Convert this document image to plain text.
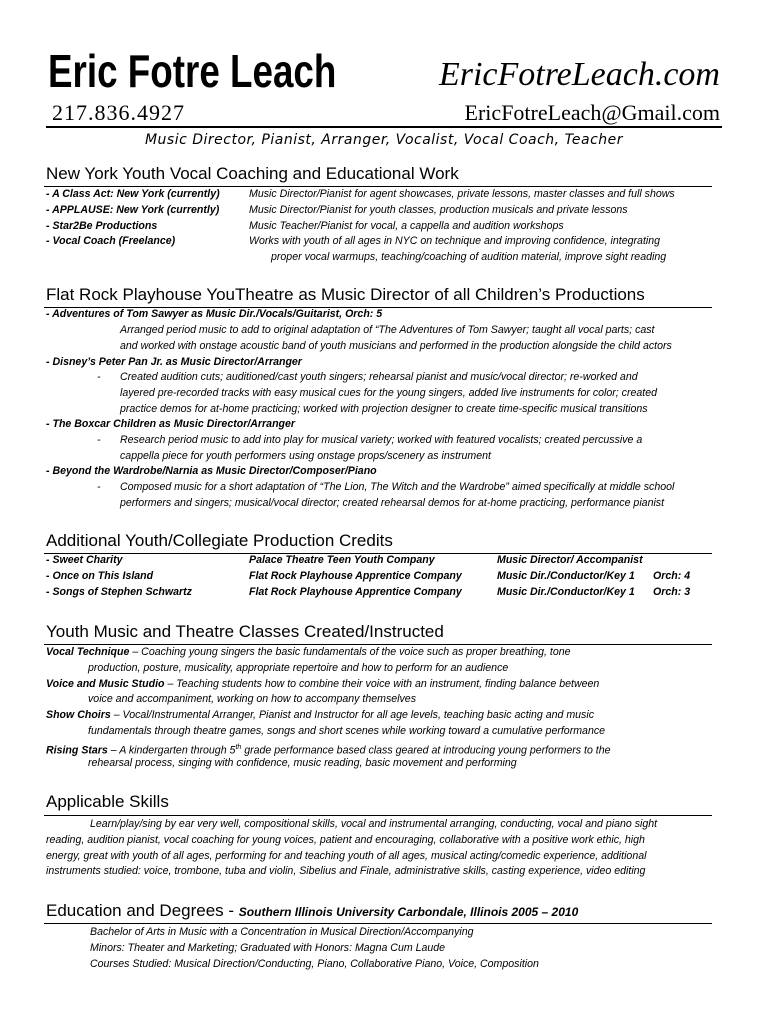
Eric Fotre Leach	EricFotreLeach.com
217.836.4927	EricFotreLeach@Gmail.com
Music Director, Pianist, Arranger, Vocalist, Vocal Coach, Teacher
New York Youth Vocal Coaching and Educational Work
- A Class Act: New York (currently)	Music Director/Pianist for agent showcases, private lessons, master classes and full shows
- APPLAUSE: New York (currently)	Music Director/Pianist for youth classes, production musicals and private lessons
- Star2Be Productions	Music Teacher/Pianist for vocal, a cappella and audition workshops
- Vocal Coach (Freelance)	Works with youth of all ages in NYC on technique and improving confidence, integrating
proper vocal warmups, teaching/coaching of audition material, improve sight reading
Flat Rock Playhouse YouTheatre as Music Director of all Children’s Productions
- Adventures of Tom Sawyer as Music Dir./Vocals/Guitarist, Orch: 5
Arranged period music to add to original adaptation of “The Adventures of Tom Sawyer; taught all vocal parts; cast
and worked with onstage acoustic band of youth musicians and performed in the production alongside the child actors
- Disney’s Peter Pan Jr. as Music Director/Arranger
- Created audition cuts; auditioned/cast youth singers; rehearsal pianist and music/vocal director; re-worked and
layered pre-recorded tracks with easy musical cues for the young singers, added live instruments for color; created
practice demos for at-home practicing; worked with projection designer to create time-specific musical transitions
- The Boxcar Children as Music Director/Arranger
- Research period music to add into play for musical variety; worked with featured vocalists; created percussive a
cappella piece for youth performers using onstage props/scenery as instrument
- Beyond the Wardrobe/Narnia as Music Director/Composer/Piano
- Composed music for a short adaptation of “The Lion, The Witch and the Wardrobe” aimed specifically at middle school
performers and singers; musical/vocal director; created rehearsal demos for at-home practicing, performance pianist
Additional Youth/Collegiate Production Credits
- Sweet Charity	Palace Theatre Teen Youth Company	Music Director/ Accompanist
- Once on This Island	Flat Rock Playhouse Apprentice Company	Music Dir./Conductor/Key 1 Orch: 4
- Songs of Stephen Schwartz	Flat Rock Playhouse Apprentice Company	Music Dir./Conductor/Key 1 Orch: 3
Youth Music and Theatre Classes Created/Instructed
Vocal Technique – Coaching young singers the basic fundamentals of the voice such as proper breathing, tone
production, posture, musicality, appropriate repertoire and how to perform for an audience
Voice and Music Studio – Teaching students how to combine their voice with an instrument, finding balance between
voice and accompaniment, working on how to accompany themselves
Show Choirs – Vocal/Instrumental Arranger, Pianist and Instructor for all age levels, teaching basic acting and music
fundamentals through theatre games, songs and short scenes while working toward a cumulative performance
Rising Stars – A kindergarten through 5th grade performance based class geared at introducing young performers to the
rehearsal process, singing with confidence, music reading, basic movement and performing
Applicable Skills
Learn/play/sing by ear very well, compositional skills, vocal and instrumental arranging, conducting, vocal and piano sight
reading, audition pianist, vocal coaching for young voices, patient and encouraging, collaborative with a positive work ethic, high
energy, great with youth of all ages, performing for and teaching youth of all ages, musical acting/comedic experience, additional
instruments studied: voice, trombone, tuba and violin, Sibelius and Finale, administrative skills, casting experience, video editing
Education and Degrees - Southern Illinois University Carbondale, Illinois 2005 – 2010
Bachelor of Arts in Music with a Concentration in Musical Direction/Accompanying
Minors: Theater and Marketing; Graduated with Honors: Magna Cum Laude
Courses Studied: Musical Direction/Conducting, Piano, Collaborative Piano, Voice, Composition
